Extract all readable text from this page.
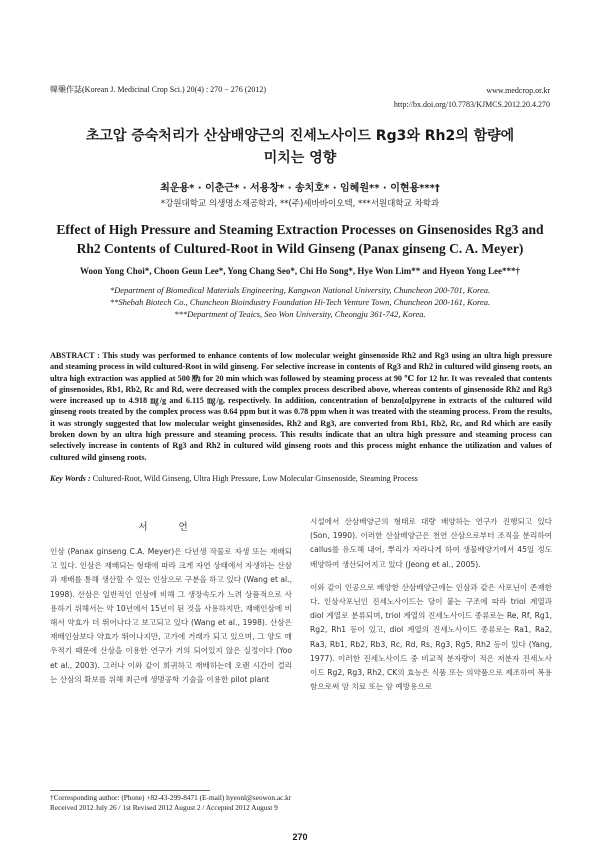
韓藥作誌(Korean J. Medicinal Crop Sci.) 20(4) : 270 − 276 (2012)	www.medcrop.or.kr
http://bx.doi.org/10.7783/KJMCS.2012.20.4.270
초고압 증숙처리가 산삼배양근의 진세노사이드 Rg3와 Rh2의 함량에
미치는 영향
최운용* · 이춘근* · 서용창* · 송치호* · 임혜원** · 이현용***†
*강원대학교 의생명소재공학과, **(주)세바바이오텍, ***서원대학교 차학과
Effect of High Pressure and Steaming Extraction Processes on Ginsenosides Rg3 and
Rh2 Contents of Cultured-Root in Wild Ginseng (Panax ginseng C. A. Meyer)
Woon Yong Choi*, Choon Geun Lee*, Yong Chang Seo*, Chi Ho Song*, Hye Won Lim** and Hyeon Yong Lee***†
*Department of Biomedical Materials Engineering, Kangwon National University, Chuncheon 200-701, Korea.
**Shebah Biotech Co., Chuncheon Bioindustry Foundation Hi-Tech Venture Town, Chuncheon 200-161, Korea.
***Department of Teaics, Seo Won University, Cheongju 361-742, Korea.
ABSTRACT : This study was performed to enhance contents of low molecular weight ginsenoside Rh2 and Rg3 using an ultra high pressure and steaming process in wild cultured-Root in wild ginseng. For selective increase in contents of Rg3 and Rh2 in cultured wild ginseng roots, an ultra high extraction was applied at 500 ㎫ for 20 min which was followed by steaming process at 90 ℃ for 12 hr. It was revealed that contents of ginsenosides, Rb1, Rb2, Rc and Rd, were decreased with the complex process described above, whereas contents of ginsenoside Rh2 and Rg3 were increased up to 4.918 ㎎/g and 6.115 ㎎/g, respectively. In addition, concentration of benzo[α]pyrene in extracts of the cultured wild ginseng roots treated by the complex process was 0.64 ppm but it was 0.78 ppm when it was treated with the steaming process. From the results, it was strongly suggested that low molecular weight ginsenosides, Rh2 and Rg3, are converted from Rb1, Rb2, Rc, and Rd which are easily broken down by an ultra high pressure and steaming process. This results indicate that an ultra high pressure and steaming process can selectively increase in contents of Rg3 and Rh2 in cultured wild ginseng roots and this process might enhance the utilization and values of cultured wild ginseng roots.
Key Words : Cultured-Root, Wild Ginseng, Ultra High Pressure, Low Molecular Ginsenoside, Steaming Process
서 언

인삼 (Panax ginseng C.A. Meyer)은 다년생 작물로 자생 또는 재배되고 있다. 인삼은 재배되는 형태에 따라 크게 자연 상태에서 자생하는 산삼과 재배를 통해 생산할 수 있는 인삼으로 구분을 하고 있다 (Wang et al., 1998). 산삼은 일반적인 인삼에 비해 그 생장속도가 느려 상품적으로 사용하기 위해서는 약 10년에서 15년이 된 것을 사용하지만, 재배인삼에 비해서 약효가 더 뛰어나다고 보고되고 있다 (Wang et al., 1998). 산삼은 재배인삼보다 약효가 뛰어나지만, 고가에 거래가 되고 있으며, 그 양도 매우적기 때문에 산삼을 이용한 연구가 거의 되어있지 않은 실정이다 (Yoo et al., 2003). 그러나 이와 같이 희귀하고 재배하는데 오랜 시간이 걸리는 산삼의 확보를 위해 최근에 생명공학 기술을 이용한 pilot plant

시설에서 산삼배양근의 형태로 대량 배양하는 연구가 진행되고 있다 (Son, 1990). 이러한 산삼배양근은 천연 산삼으로부터 조직을 분리하여 callus를 유도해 내어, 뿌리가 자라나게 하여 생물배양기에서 45일 정도 배양하여 생산되어지고 있다 (Jeong et al., 2005).

이와 같이 인공으로 배양한 산삼배양근에는 인삼과 같은 사포닌이 존재한다. 인삼사포닌인 진세노사이드는 당이 붙는 구조에 따라 triol 계열과 diol 계열로 분류되며, triol 계열의 진세노사이드 종류로는 Re, Rf, Rg1, Rg2, Rh1 등이 있고, diol 계열의 진세노사이드 종류로는 Ra1, Ra2, Ra3, Rb1, Rb2, Rb3, Rc, Rd, Rs, Rg3, Rg5, Rh2 등이 있다 (Yang, 1977). 이러한 진세노사이드 중 비교적 분자량이 적은 저분자 진세노사이드 Rg2, Rg3, Rh2, CK의 효능은 식품 또는 의약품으로 제조하여 복용함으로써 암 치료 또는 암 예방용으로

†Corresponding author: (Phone) +82-43-299-8471 (E-mail) hyeonl@seowon.ac.kr
Received 2012 July 26 / 1st Revised 2012 August 2 / Accepted 2012 August 9
270
